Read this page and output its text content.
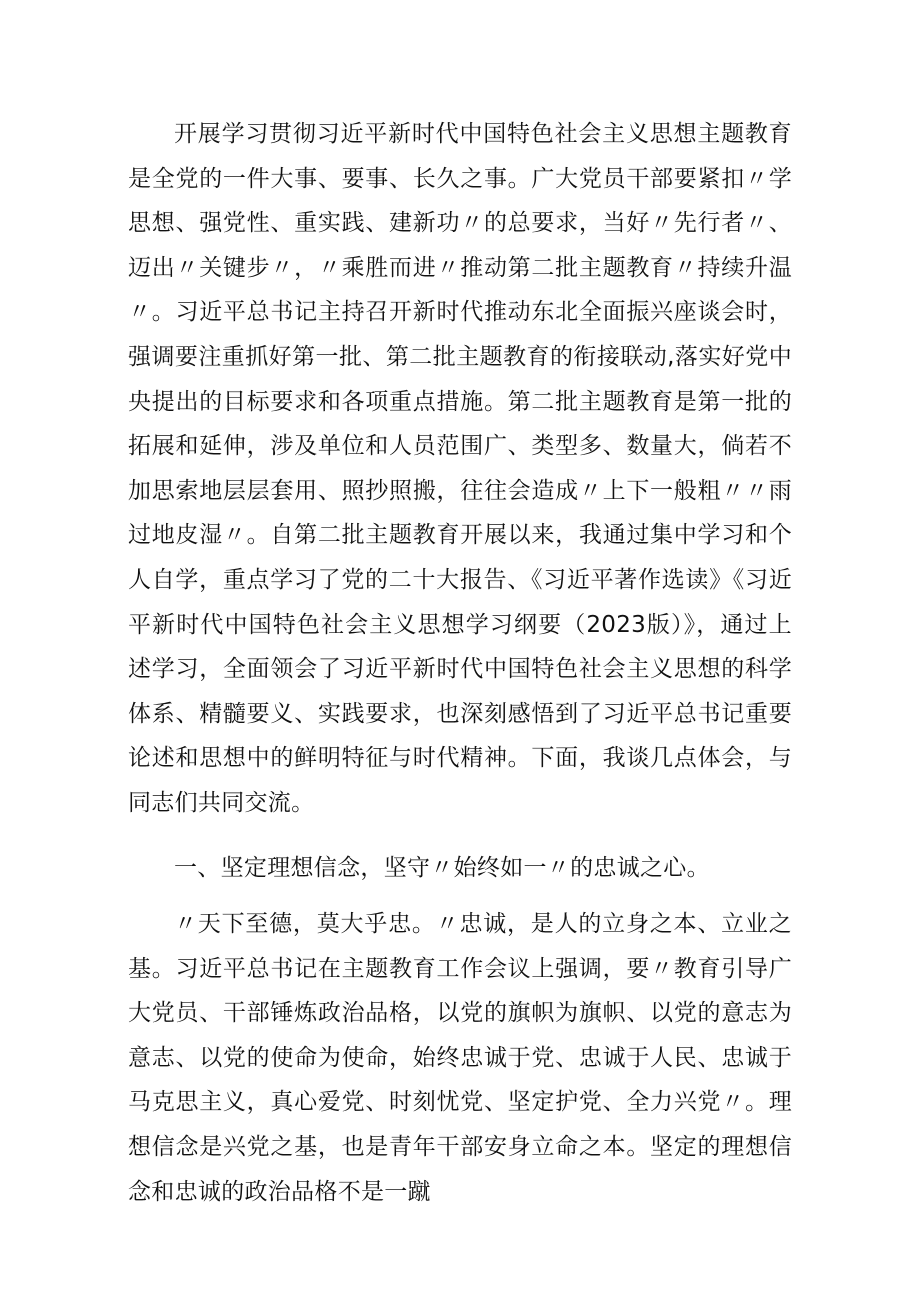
开展学习贯彻习近平新时代中国特色社会主义思想主题教育是全党的一件大事、要事、长久之事。广大党员干部要紧扣〃学思想、强党性、重实践、建新功〃的总要求，当好〃先行者〃、迈出〃关键步〃，〃乘胜而进〃推动第二批主题教育〃持续升温〃。习近平总书记主持召开新时代推动东北全面振兴座谈会时，强调要注重抓好第一批、第二批主题教育的衔接联动,落实好党中央提出的目标要求和各项重点措施。第二批主题教育是第一批的拓展和延伸，涉及单位和人员范围广、类型多、数量大，倘若不加思索地层层套用、照抄照搬，往往会造成〃上下一般粗〃〃雨过地皮湿〃。自第二批主题教育开展以来，我通过集中学习和个人自学，重点学习了党的二十大报告、《习近平著作选读》《习近平新时代中国特色社会主义思想学习纲要（2023版）》，通过上述学习，全面领会了习近平新时代中国特色社会主义思想的科学体系、精髓要义、实践要求，也深刻感悟到了习近平总书记重要论述和思想中的鲜明特征与时代精神。下面，我谈几点体会，与同志们共同交流。

一、坚定理想信念，坚守〃始终如一〃的忠诚之心。

〃天下至德，莫大乎忠。〃忠诚，是人的立身之本、立业之基。习近平总书记在主题教育工作会议上强调，要〃教育引导广大党员、干部锤炼政治品格，以党的旗帜为旗帜、以党的意志为意志、以党的使命为使命，始终忠诚于党、忠诚于人民、忠诚于马克思主义，真心爱党、时刻忧党、坚定护党、全力兴党〃。理想信念是兴党之基，也是青年干部安身立命之本。坚定的理想信念和忠诚的政治品格不是一蹴
